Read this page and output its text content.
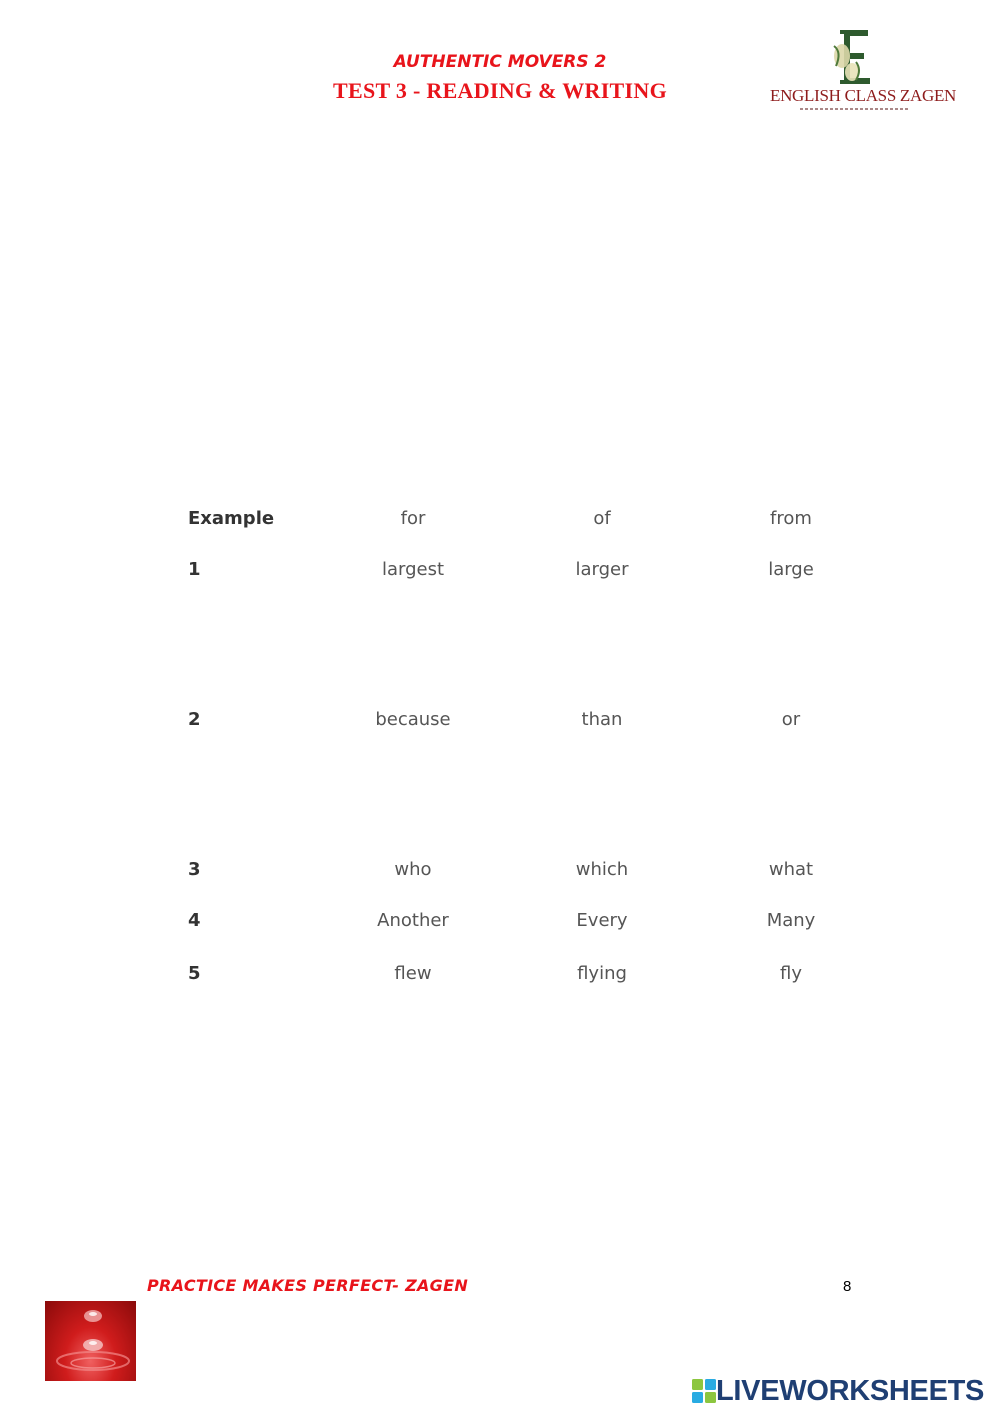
AUTHENTIC MOVERS 2
TEST 3 - READING & WRITING	ENGLISH CLASS ZAGEN
Example	for	of	from
1	largest	larger	large
2	because	than	or
3	who	which	what
4	Another	Every	Many
5	flew	flying	fly
PRACTICE MAKES PERFECT- ZAGEN	8
LIVEWORKSHEETS
